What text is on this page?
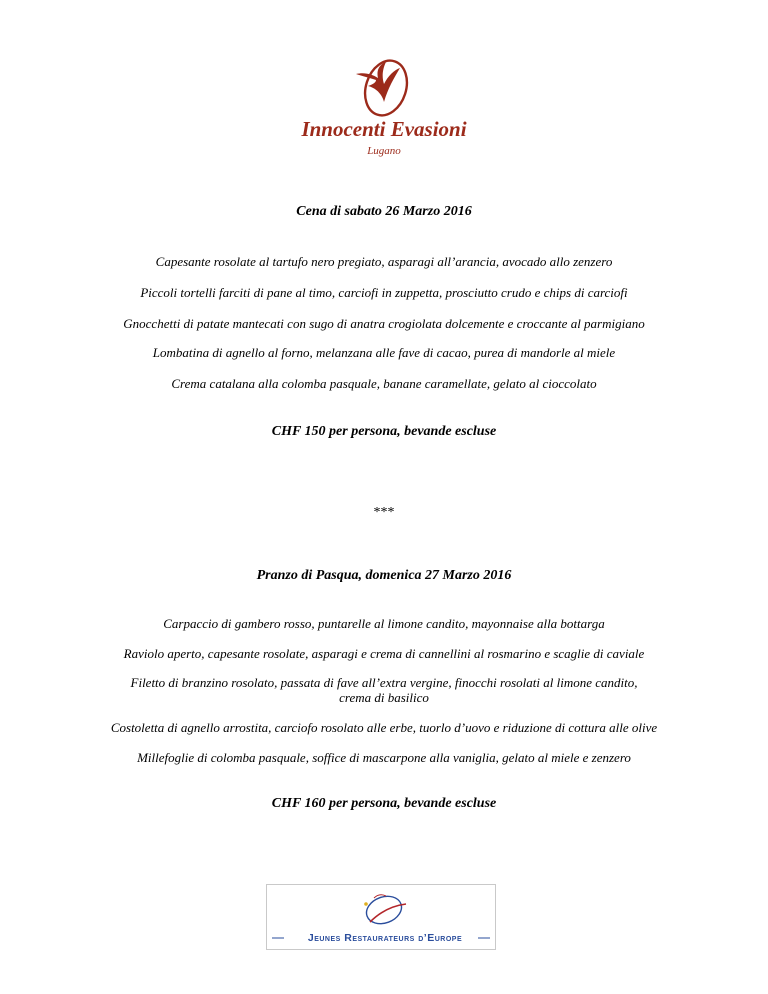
Innocenti Evasioni
Lugano
Cena di sabato 26 Marzo 2016
Capesante rosolate al tartufo nero pregiato, asparagi all’arancia, avocado allo zenzero
Piccoli tortelli farciti di pane al timo, carciofi in zuppetta, prosciutto crudo e chips di carciofi
Gnocchetti di patate mantecati con sugo di anatra crogiolata dolcemente e croccante al parmigiano
Lombatina di agnello al forno, melanzana alle fave di cacao, purea di mandorle al miele
Crema catalana alla colomba pasquale, banane caramellate, gelato al cioccolato
CHF 150 per persona, bevande escluse
***
Pranzo di Pasqua, domenica 27 Marzo 2016
Carpaccio di gambero rosso, puntarelle al limone candito, mayonnaise alla bottarga
Raviolo aperto, capesante rosolate, asparagi e crema di cannellini al rosmarino e scaglie di caviale
Filetto di branzino rosolato, passata di fave all’extra vergine, finocchi rosolati al limone candito,
crema di basilico
Costoletta di agnello arrostita, carciofo rosolato alle erbe, tuorlo d’uovo e riduzione di cottura alle olive
Millefoglie di colomba pasquale, soffice di mascarpone alla vaniglia, gelato al miele e zenzero
CHF 160 per persona, bevande escluse
Jeunes Restaurateurs d’Europe
